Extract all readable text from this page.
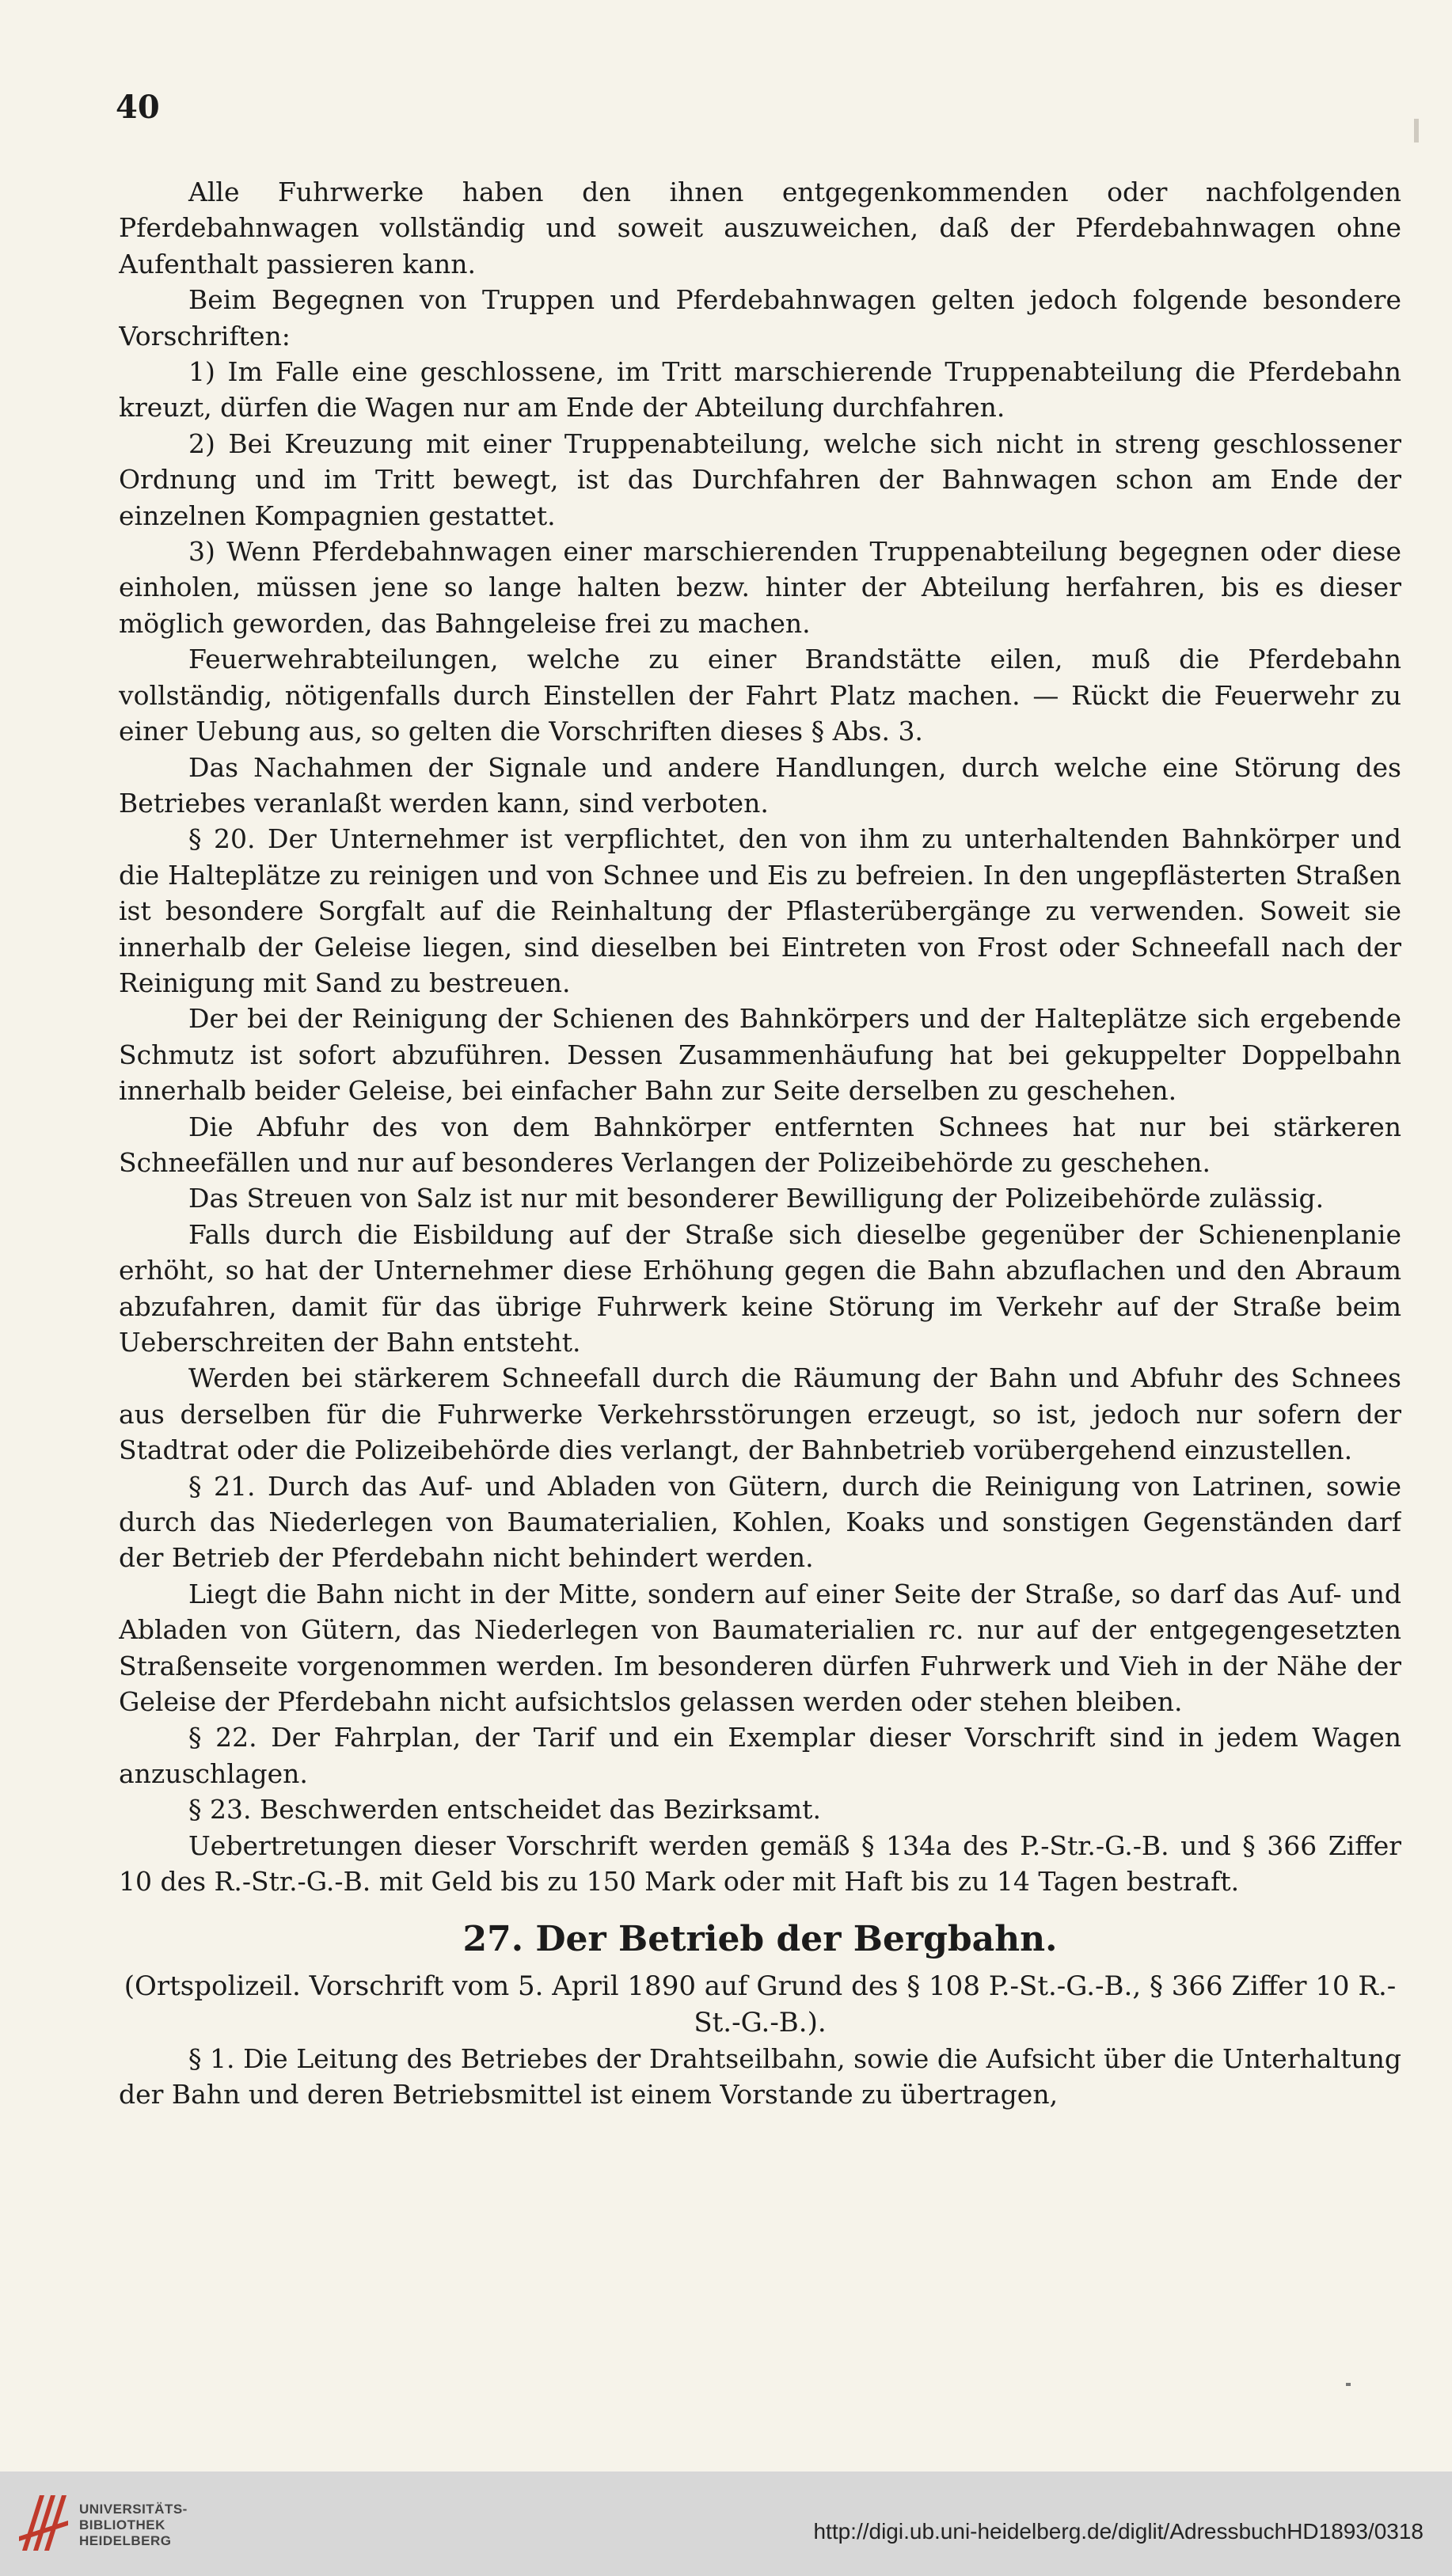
40

Alle Fuhrwerke haben den ihnen entgegenkommenden oder nachfolgenden Pferdebahnwagen vollständig und soweit auszuweichen, daß der Pferdebahnwagen ohne Aufenthalt passieren kann.

Beim Begegnen von Truppen und Pferdebahnwagen gelten jedoch folgende besondere Vorschriften:

1) Im Falle eine geschlossene, im Tritt marschierende Truppenabteilung die Pferdebahn kreuzt, dürfen die Wagen nur am Ende der Abteilung durchfahren.

2) Bei Kreuzung mit einer Truppenabteilung, welche sich nicht in streng geschlossener Ordnung und im Tritt bewegt, ist das Durchfahren der Bahnwagen schon am Ende der einzelnen Kompagnien gestattet.

3) Wenn Pferdebahnwagen einer marschierenden Truppenabteilung begegnen oder diese einholen, müssen jene so lange halten bezw. hinter der Abteilung herfahren, bis es dieser möglich geworden, das Bahngeleise frei zu machen.

Feuerwehrabteilungen, welche zu einer Brandstätte eilen, muß die Pferdebahn vollständig, nötigenfalls durch Einstellen der Fahrt Platz machen. — Rückt die Feuerwehr zu einer Uebung aus, so gelten die Vorschriften dieses § Abs. 3.

Das Nachahmen der Signale und andere Handlungen, durch welche eine Störung des Betriebes veranlaßt werden kann, sind verboten.

§ 20. Der Unternehmer ist verpflichtet, den von ihm zu unterhaltenden Bahnkörper und die Halteplätze zu reinigen und von Schnee und Eis zu befreien. In den ungepflästerten Straßen ist besondere Sorgfalt auf die Reinhaltung der Pflasterübergänge zu verwenden. Soweit sie innerhalb der Geleise liegen, sind dieselben bei Eintreten von Frost oder Schneefall nach der Reinigung mit Sand zu bestreuen.

Der bei der Reinigung der Schienen des Bahnkörpers und der Halteplätze sich ergebende Schmutz ist sofort abzuführen. Dessen Zusammenhäufung hat bei gekuppelter Doppelbahn innerhalb beider Geleise, bei einfacher Bahn zur Seite derselben zu geschehen.

Die Abfuhr des von dem Bahnkörper entfernten Schnees hat nur bei stärkeren Schneefällen und nur auf besonderes Verlangen der Polizeibehörde zu geschehen.

Das Streuen von Salz ist nur mit besonderer Bewilligung der Polizeibehörde zulässig.

Falls durch die Eisbildung auf der Straße sich dieselbe gegenüber der Schienenplanie erhöht, so hat der Unternehmer diese Erhöhung gegen die Bahn abzuflachen und den Abraum abzufahren, damit für das übrige Fuhrwerk keine Störung im Verkehr auf der Straße beim Ueberschreiten der Bahn entsteht.

Werden bei stärkerem Schneefall durch die Räumung der Bahn und Abfuhr des Schnees aus derselben für die Fuhrwerke Verkehrsstörungen erzeugt, so ist, jedoch nur sofern der Stadtrat oder die Polizeibehörde dies verlangt, der Bahnbetrieb vorübergehend einzustellen.

§ 21. Durch das Auf- und Abladen von Gütern, durch die Reinigung von Latrinen, sowie durch das Niederlegen von Baumaterialien, Kohlen, Koaks und sonstigen Gegenständen darf der Betrieb der Pferdebahn nicht behindert werden.

Liegt die Bahn nicht in der Mitte, sondern auf einer Seite der Straße, so darf das Auf- und Abladen von Gütern, das Niederlegen von Baumaterialien rc. nur auf der entgegengesetzten Straßenseite vorgenommen werden. Im besonderen dürfen Fuhrwerk und Vieh in der Nähe der Geleise der Pferdebahn nicht aufsichtslos gelassen werden oder stehen bleiben.

§ 22. Der Fahrplan, der Tarif und ein Exemplar dieser Vorschrift sind in jedem Wagen anzuschlagen.

§ 23. Beschwerden entscheidet das Bezirksamt.

Uebertretungen dieser Vorschrift werden gemäß § 134a des P.-Str.-G.-B. und § 366 Ziffer 10 des R.-Str.-G.-B. mit Geld bis zu 150 Mark oder mit Haft bis zu 14 Tagen bestraft.

27. Der Betrieb der Bergbahn.

(Ortspolizeil. Vorschrift vom 5. April 1890 auf Grund des § 108 P.-St.-G.-B., § 366 Ziffer 10 R.-St.-G.-B.).

§ 1. Die Leitung des Betriebes der Drahtseilbahn, sowie die Aufsicht über die Unterhaltung der Bahn und deren Betriebsmittel ist einem Vorstande zu übertragen,

UNIVERSITÄTS-
BIBLIOTHEK
HEIDELBERG	http://digi.ub.uni-heidelberg.de/diglit/AdressbuchHD1893/0318
